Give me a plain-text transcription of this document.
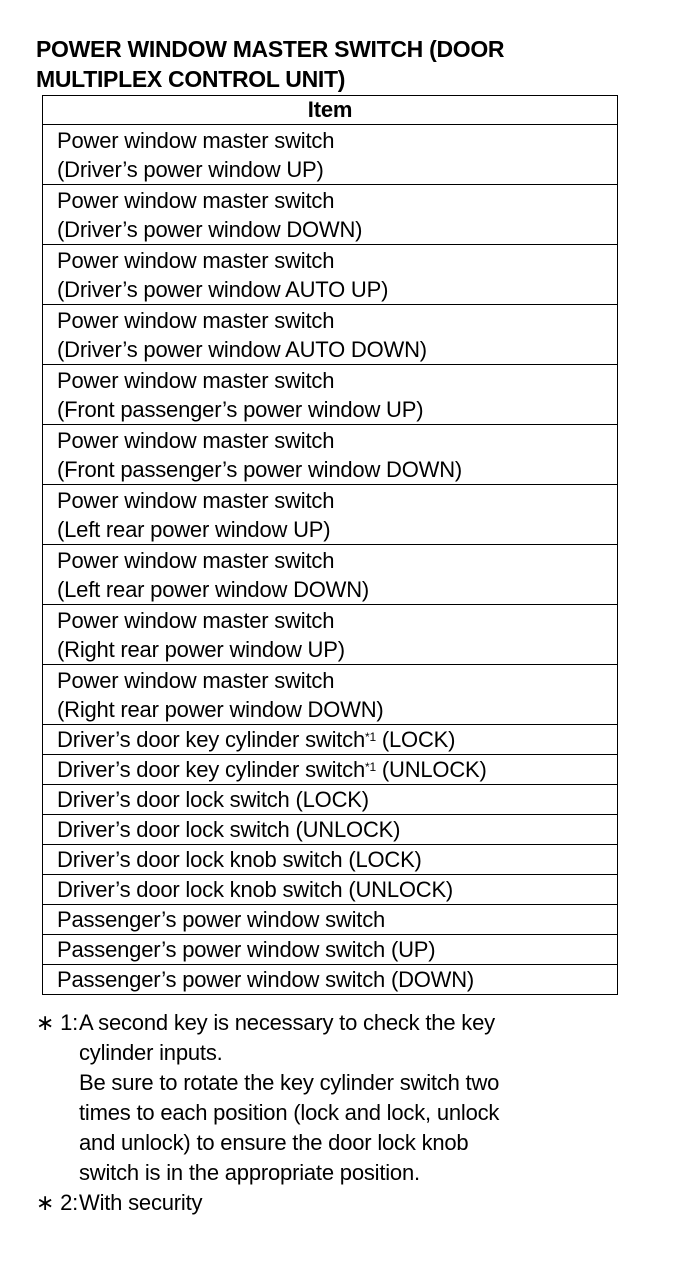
POWER WINDOW MASTER SWITCH (DOOR
MULTIPLEX CONTROL UNIT)
Item

Power window master switch
(Driver’s power window UP)

Power window master switch
(Driver’s power window DOWN)

Power window master switch
(Driver’s power window AUTO UP)

Power window master switch
(Driver’s power window AUTO DOWN)

Power window master switch
(Front passenger’s power window UP)

Power window master switch
(Front passenger’s power window DOWN)

Power window master switch
(Left rear power window UP)

Power window master switch
(Left rear power window DOWN)

Power window master switch
(Right rear power window UP)

Power window master switch
(Right rear power window DOWN)

Driver’s door key cylinder switch$^{*1}$ (LOCK)
Driver’s door key cylinder switch$^{*1}$ (UNLOCK)
Driver’s door lock switch (LOCK)
Driver’s door lock switch (UNLOCK)
Driver’s door lock knob switch (LOCK)
Driver’s door lock knob switch (UNLOCK)
Passenger’s power window switch
Passenger’s power window switch (UP)
Passenger’s power window switch (DOWN)
∗ 1: A second key is necessary to check the key
cylinder inputs.
Be sure to rotate the key cylinder switch two
times to each position (lock and lock, unlock
and unlock) to ensure the door lock knob
switch is in the appropriate position.
∗ 2: With security
